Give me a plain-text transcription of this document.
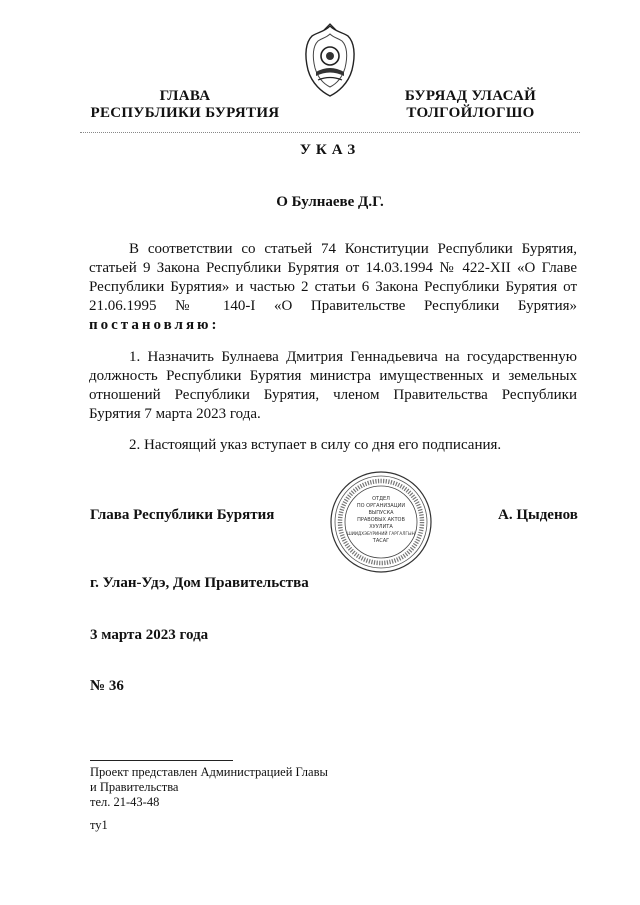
ГЛАВА
РЕСПУБЛИКИ БУРЯТИЯ
БУРЯАД УЛАСАЙ
ТОЛГОЙЛОГШО
УКАЗ
О Булнаеве Д.Г.

В соответствии со статьей 74 Конституции Республики Бурятия, статьей 9 Закона Республики Бурятия от 14.03.1994 № 422-XII «О Главе Республики Бурятия» и частью 2 статьи 6 Закона Республики Бурятия от 21.06.1995 № 140-I «О Правительстве Республики Бурятия» постановляю:

1. Назначить Булнаева Дмитрия Геннадьевича на государственную должность Республики Бурятия министра имущественных и земельных отношений Республики Бурятия, членом Правительства Республики Бурятия 7 марта 2023 года.

2. Настоящий указ вступает в силу со дня его подписания.

Глава Республики Бурятия	А. Цыденов
ОТДЕЛ
ПО ОРГАНИЗАЦИИ
ВЫПУСКА
ПРАВОВЫХ АКТОВ
ХУУЛИТА
ШИИДХЭБҮРИНИЙ ГАРГАЛГЫН
ТАСАГ
г. Улан-Удэ, Дом Правительства
3 марта 2023 года
№ 36
Проект представлен Администрацией Главы
и Правительства
тел. 21-43-48
ту1
